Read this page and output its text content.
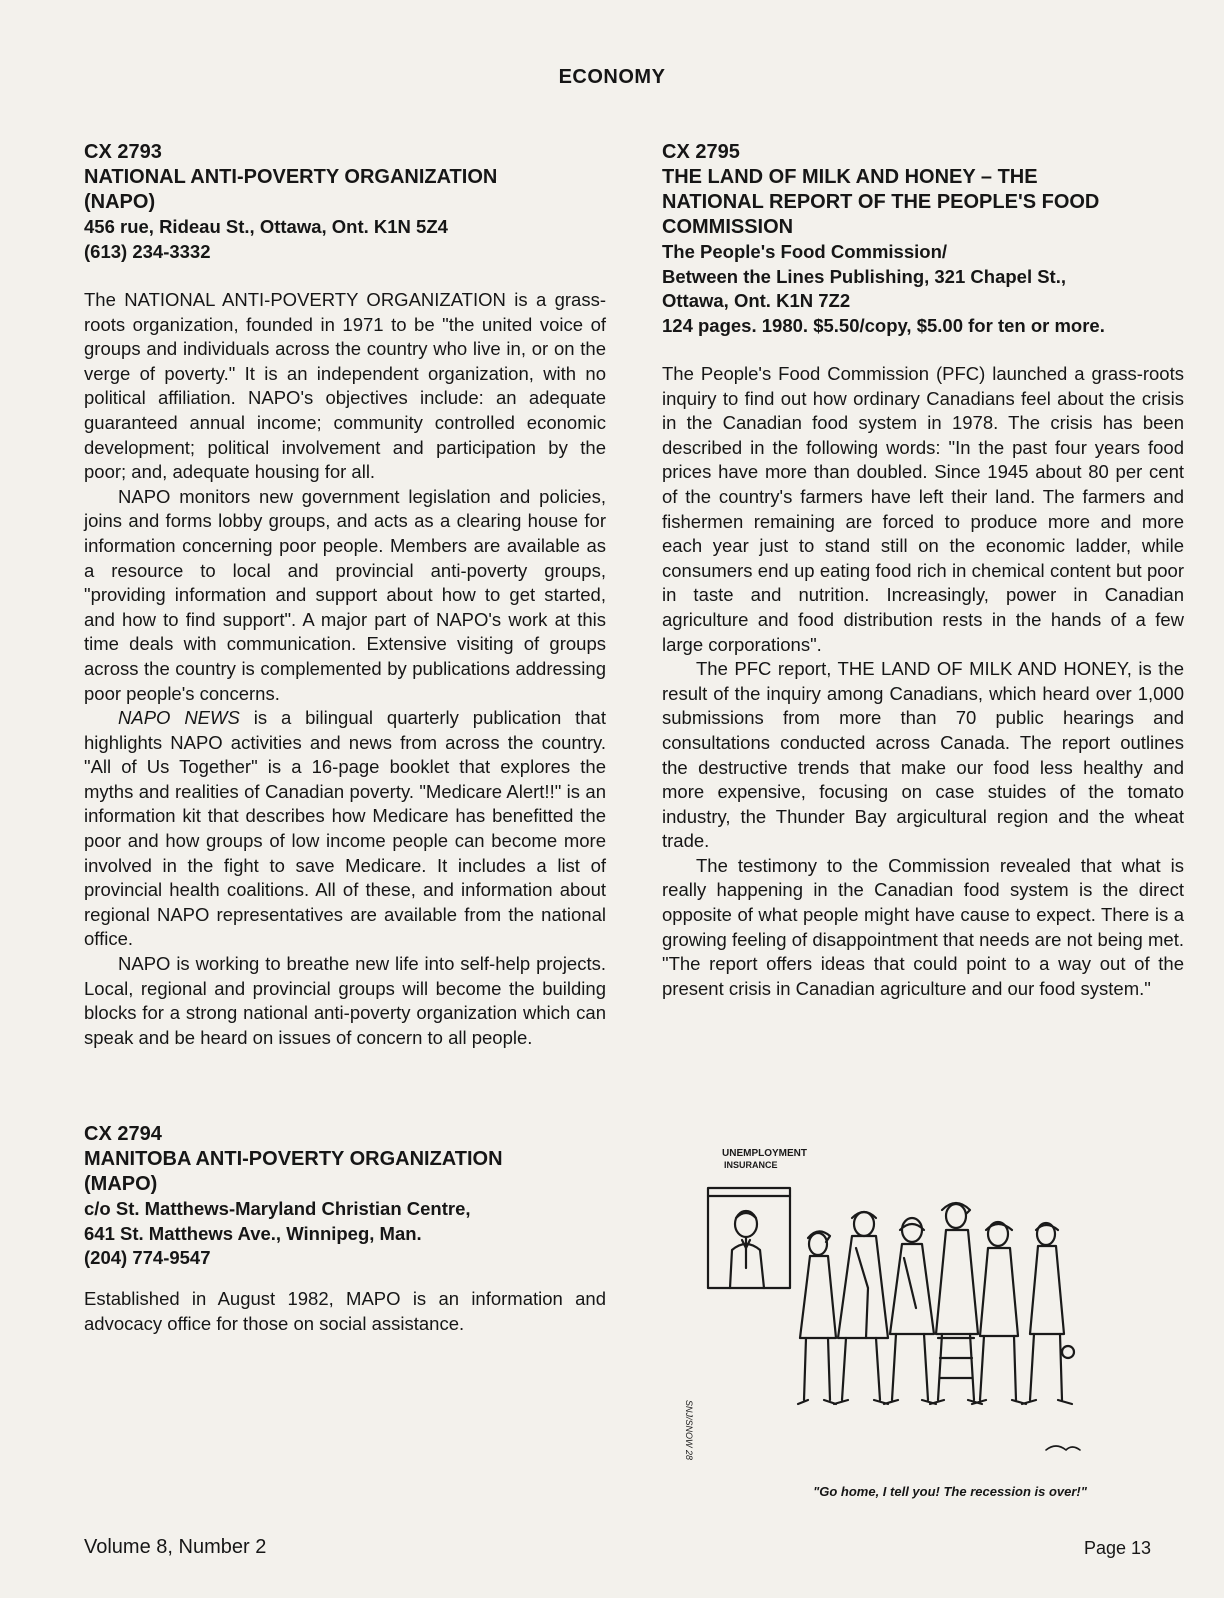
ECONOMY
CX 2793
NATIONAL ANTI-POVERTY ORGANIZATION
(NAPO)
456 rue, Rideau St., Ottawa, Ont. K1N 5Z4
(613) 234-3332

The NATIONAL ANTI-POVERTY ORGANIZATION is a grass-roots organization, founded in 1971 to be "the united voice of groups and individuals across the country who live in, or on the verge of poverty." It is an independent organization, with no political affiliation. NAPO's objectives include: an adequate guaranteed annual income; community controlled economic development; political involvement and participation by the poor; and, adequate housing for all.

NAPO monitors new government legislation and policies, joins and forms lobby groups, and acts as a clearing house for information concerning poor people. Members are available as a resource to local and provincial anti-poverty groups, "providing information and support about how to get started, and how to find support". A major part of NAPO's work at this time deals with communication. Extensive visiting of groups across the country is complemented by publications addressing poor people's concerns.

NAPO NEWS is a bilingual quarterly publication that highlights NAPO activities and news from across the country. "All of Us Together" is a 16-page booklet that explores the myths and realities of Canadian poverty. "Medicare Alert!!" is an information kit that describes how Medicare has benefitted the poor and how groups of low income people can become more involved in the fight to save Medicare. It includes a list of provincial health coalitions. All of these, and information about regional NAPO representatives are available from the national office.

NAPO is working to breathe new life into self-help projects. Local, regional and provincial groups will become the building blocks for a strong national anti-poverty organization which can speak and be heard on issues of concern to all people.

CX 2794
MANITOBA ANTI-POVERTY ORGANIZATION
(MAPO)
c/o St. Matthews-Maryland Christian Centre,
641 St. Matthews Ave., Winnipeg, Man.
(204) 774-9547

Established in August 1982, MAPO is an information and advocacy office for those on social assistance.

CX 2795
THE LAND OF MILK AND HONEY – THE
NATIONAL REPORT OF THE PEOPLE'S FOOD
COMMISSION
The People's Food Commission/
Between the Lines Publishing, 321 Chapel St.,
Ottawa, Ont. K1N 7Z2
124 pages. 1980. $5.50/copy, $5.00 for ten or more.

The People's Food Commission (PFC) launched a grass-roots inquiry to find out how ordinary Canadians feel about the crisis in the Canadian food system in 1978. The crisis has been described in the following words: "In the past four years food prices have more than doubled. Since 1945 about 80 per cent of the country's farmers have left their land. The farmers and fishermen remaining are forced to produce more and more each year just to stand still on the economic ladder, while consumers end up eating food rich in chemical content but poor in taste and nutrition. Increasingly, power in Canadian agriculture and food distribution rests in the hands of a few large corporations".

The PFC report, THE LAND OF MILK AND HONEY, is the result of the inquiry among Canadians, which heard over 1,000 submissions from more than 70 public hearings and consultations conducted across Canada. The report outlines the destructive trends that make our food less healthy and more expensive, focusing on case stuides of the tomato industry, the Thunder Bay argicultural region and the wheat trade.

The testimony to the Commission revealed that what is really happening in the Canadian food system is the direct opposite of what people might have cause to expect. There is a growing feeling of disappointment that needs are not being met. "The report offers ideas that could point to a way out of the present crisis in Canadian agriculture and our food system."

UNEMPLOYMENT
INSURANCE
SNJ/SNOW 28
"Go home, I tell you! The recession is over!"
Volume 8, Number 2	Page 13
